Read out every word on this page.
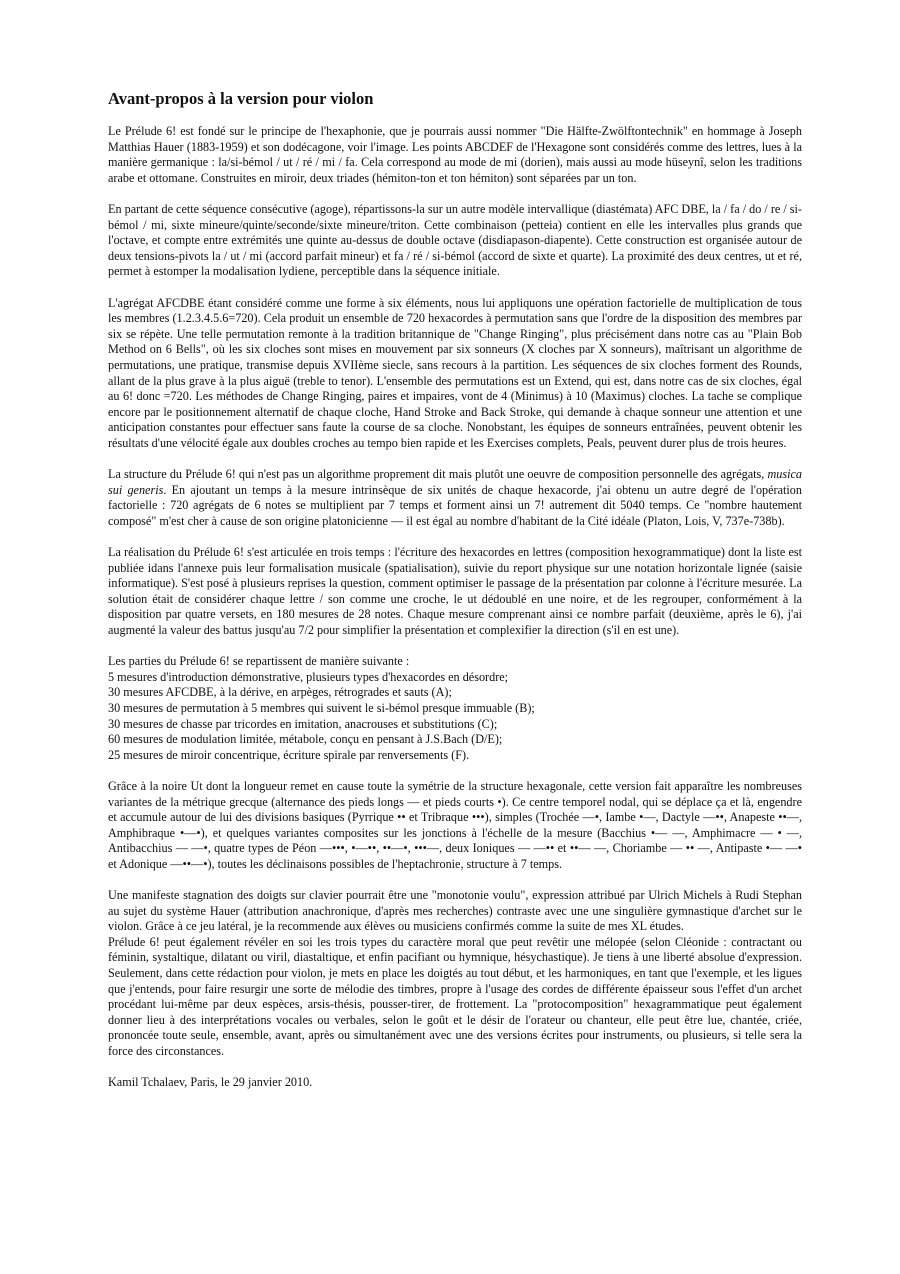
Avant-propos à la version pour violon

Le Prélude 6! est fondé sur le principe de l'hexaphonie, que je pourrais aussi nommer "Die Hälfte-Zwölftontechnik" en hommage à Joseph Matthias Hauer (1883-1959) et son dodécagone, voir l'image. Les points ABCDEF de l'Hexagone sont considérés comme des lettres, lues à la manière germanique : la/si-bémol / ut / ré / mi / fa. Cela correspond au mode de mi (dorien), mais aussi au mode hüseynî, selon les traditions arabe et ottomane. Construites en miroir, deux triades (hémiton-ton et ton hémiton) sont séparées par un ton.

En partant de cette séquence consécutive (agoge), répartissons-la sur un autre modèle intervallique (diastémata) AFC DBE, la / fa / do / re / si-bémol / mi, sixte mineure/quinte/seconde/sixte mineure/triton. Cette combinaison (petteia) contient en elle les intervalles plus grands que l'octave, et compte entre extrémités une quinte au-dessus de double octave (disdiapason-diapente). Cette construction est organisée autour de deux tensions-pivots la / ut / mi (accord parfait mineur) et fa / ré / si-bémol (accord de sixte et quarte). La proximité des deux centres, ut et ré, permet à estomper la modalisation lydiene, perceptible dans la séquence initiale.

L'agrégat AFCDBE étant considéré comme une forme à six éléments, nous lui appliquons une opération factorielle de multiplication de tous les membres (1.2.3.4.5.6=720). Cela produit un ensemble de 720 hexacordes à permutation sans que l'ordre de la disposition des membres par six se répète. Une telle permutation remonte à la tradition britannique de "Change Ringing", plus précisément dans notre cas au "Plain Bob Method on 6 Bells", où les six cloches sont mises en mouvement par six sonneurs (X cloches par X sonneurs), maîtrisant un algorithme de permutations, une pratique, transmise depuis XVIIème siecle, sans recours à la partition. Les séquences de six cloches forment des Rounds, allant de la plus grave à la plus aiguë (treble to tenor). L'ensemble des permutations est un Extend, qui est, dans notre cas de six cloches, égal au 6! donc =720. Les méthodes de Change Ringing, paires et impaires, vont de 4 (Minimus) à 10 (Maximus) cloches. La tache se complique encore par le positionnement alternatif de chaque cloche, Hand Stroke and Back Stroke, qui demande à chaque sonneur une attention et une anticipation constantes pour effectuer sans faute la course de sa cloche. Nonobstant, les équipes de sonneurs entraînées, peuvent obtenir les résultats d'une vélocité égale aux doubles croches au tempo bien rapide et les Exercises complets, Peals, peuvent durer plus de trois heures.

La structure du Prélude 6! qui n'est pas un algorithme proprement dit mais plutôt une oeuvre de composition personnelle des agrégats, musica sui generis. En ajoutant un temps à la mesure intrinsèque de six unités de chaque hexacorde, j'ai obtenu un autre degré de l'opération factorielle : 720 agrégats de 6 notes se multiplient par 7 temps et forment ainsi un 7! autrement dit 5040 temps. Ce "nombre hautement composé" m'est cher à cause de son origine platonicienne — il est égal au nombre d'habitant de la Cité idéale (Platon, Lois, V, 737e-738b).

La réalisation du Prélude 6! s'est articulée en trois temps : l'écriture des hexacordes en lettres (composition hexogrammatique) dont la liste est publiée idans l'annexe puis leur formalisation musicale (spatialisation), suivie du report physique sur une notation horizontale lignée (saisie informatique). S'est posé à plusieurs reprises la question, comment optimiser le passage de la présentation par colonne à l'écriture mesurée. La solution était de considérer chaque lettre / son comme une croche, le ut dédoublé en une noire, et de les regrouper, conformément à la disposition par quatre versets, en 180 mesures de 28 notes. Chaque mesure comprenant ainsi ce nombre parfait (deuxième, après le 6), j'ai augmenté la valeur des battus jusqu'au 7/2 pour simplifier la présentation et complexifier la direction (s'il en est une).

Les parties du Prélude 6! se repartissent de manière suivante :
5 mesures d'introduction démonstrative, plusieurs types d'hexacordes en désordre;
30 mesures AFCDBE, à la dérive, en arpèges, rétrogrades et sauts (A);
30 mesures de permutation à 5 membres qui suivent le si-bémol presque immuable (B);
30 mesures de chasse par tricordes en imitation, anacrouses et substitutions (C);
60 mesures de modulation limitée, métabole, conçu en pensant à J.S.Bach (D/E);
25 mesures de miroir concentrique, écriture spirale par renversements (F).

Grâce à la noire Ut dont la longueur remet en cause toute la symétrie de la structure hexagonale, cette version fait apparaître les nombreuses variantes de la métrique grecque (alternance des pieds longs — et pieds courts •). Ce centre temporel nodal, qui se déplace ça et là, engendre et accumule autour de lui des divisions basiques (Pyrrique •• et Tribraque •••), simples (Trochée —•, Iambe •—, Dactyle —••, Anapeste ••—, Amphibraque •—•), et quelques variantes composites sur les jonctions à l'échelle de la mesure (Bacchius •— —, Amphimacre — • —, Antibacchius — —•, quatre types de Péon —•••, •—••, ••—•, •••—, deux Ioniques — —•• et ••— —, Choriambe — •• —, Antipaste •— —• et Adonique —••—•), toutes les déclinaisons possibles de l'heptachronie, structure à 7 temps.

Une manifeste stagnation des doigts sur clavier pourrait être une "monotonie voulu", expression attribué par Ulrich Michels à Rudi Stephan au sujet du système Hauer (attribution anachronique, d'après mes recherches) contraste avec une une singulière gymnastique d'archet sur le violon. Grâce à ce jeu latéral, je la recommende aux élèves ou musiciens confirmés comme la suite de mes XL études.

Prélude 6! peut également révéler en soi les trois types du caractère moral que peut revêtir une mélopée (selon Cléonide : contractant ou féminin, systaltique, dilatant ou viril, diastaltique, et enfin pacifiant ou hymnique, hésychastique). Je tiens à une liberté absolue d'expression. Seulement, dans cette rédaction pour violon, je mets en place les doigtés au tout début, et les harmoniques, en tant que l'exemple, et les ligues que j'entends, pour faire resurgir une sorte de mélodie des timbres, propre à l'usage des cordes de différente épaisseur sous l'effet d'un archet procédant lui-même par deux espèces, arsis-thésis, pousser-tirer, de frottement. La "protocomposition" hexagrammatique peut également donner lieu à des interprétations vocales ou verbales, selon le goût et le désir de l'orateur ou chanteur, elle peut être lue, chantée, criée, prononcée toute seule, ensemble, avant, après ou simultanément avec une des versions écrites pour instruments, ou plusieurs, si telle sera la force des circonstances.

Kamil Tchalaev, Paris, le 29 janvier 2010.
